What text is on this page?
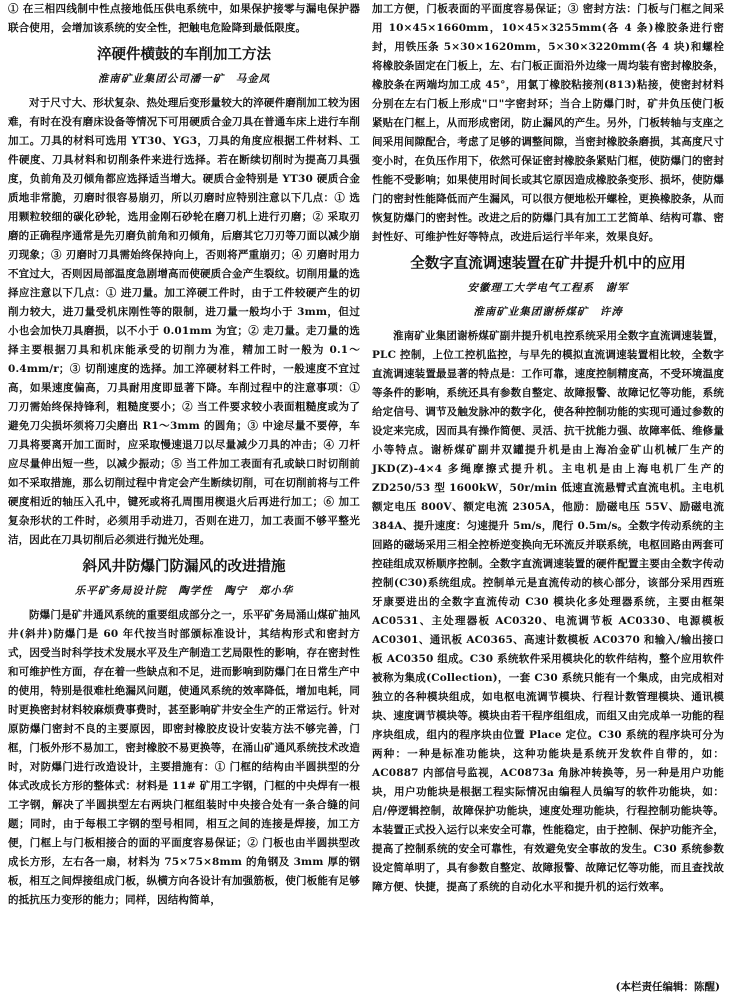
① 在三相四线制中性点接地低压供电系统中，如果保护接零与漏电保护器联合使用，会增加该系统的安全性，把触电危险降到最低限度。

淬硬件横鼓的车削加工方法
淮南矿业集团公司潘一矿　马金凤

对于尺寸大、形状复杂、热处理后变形量较大的淬硬件磨削加工较为困难，有时在没有磨床设备等情况下可用硬质合金刀具在普通车床上进行车削加工。刀具的材料可选用 YT30、YG3，刀具的角度应根据工件材料、工件硬度、刀具材料和切削条件来进行选择。若在断续切削时为提高刀具强度，负前角及刃倾角都应选择适当增大。硬质合金特别是 YT30 硬质合金质地非常脆，刃磨时很容易崩刃，所以刃磨时应特别注意以下几点：① 选用颗粒较细的碳化砂轮，选用金刚石砂轮在磨刀机上进行刃磨；② 采取刃磨的正确程序通常是先刃磨负前角和刃倾角，后磨其它刀刃等刀面以减少崩刃现象；③ 刃磨时刀具需始终保持向上，否则将严重崩刃；④ 刃磨时用力不宜过大，否则因局部温度急剧增高而使硬质合金产生裂纹。切削用量的选择应注意以下几点：① 进刀量。加工淬硬工件时，由于工件较硬产生的切削力较大，进刀量受机床刚性等的限制，进刀量一般均小于 3mm，但过小也会加快刀具磨损，以不小于 0.01mm 为宜；② 走刀量。走刀量的选择主要根据刀具和机床能承受的切削力为准，精加工时一般为 0.1～0.4mm/r；③ 切削速度的选择。加工淬硬材料工件时，一般速度不宜过高，如果速度偏高，刀具耐用度即显著下降。车削过程中的注意事项：① 刀刃需始终保持锋利，粗糙度要小；② 当工件要求较小表面粗糙度或为了避免刀尖损坏须将刀尖磨出 R1～3mm 的圆角；③ 中途尽量不要停，车刀具将要离开加工面时，应采取慢速退刀以尽量减少刀具的冲击；④ 刀杆应尽量伸出短一些，以减少振动；⑤ 当工件加工表面有孔或缺口时切削前如不采取措施，那么切削过程中肯定会产生断续切削，可在切削前将与工件硬度相近的轴压入孔中，键死或将孔周围用楔退火后再进行加工；⑥ 加工复杂形状的工件时，必须用手动进刀，否则在进刀，加工表面不够平整光洁，因此在刀具切削后必须进行抛光处理。

斜风井防爆门防漏风的改进措施
乐平矿务局设计院　陶学性　陶宁　郑小华

防爆门是矿井通风系统的重要组成部分之一，乐平矿务局涌山煤矿抽风井(斜井)防爆门是 60 年代按当时部颁标准设计，其结构形式和密封方式，因受当时科学技术发展水平及生产制造工艺局限性的影响，存在密封性和可维护性方面，存在着一些缺点和不足，进而影响到防爆门在日常生产中的使用，特别是很难杜绝漏风问题，使通风系统的效率降低，增加电耗，同时更换密封材料较麻烦费事费时，甚至影响矿井安全生产的正常运行。针对原防爆门密封不良的主要原因，即密封橡胶皮设计安装方法不够完善，门框，门板外形不易加工，密封橡胶不易更换等，在涌山矿通风系统技术改造时，对防爆门进行改造设计，主要措施有：① 门框的结构由半圆拱型的分体式改成长方形的整体式：材料是 11# 矿用工字钢，门框的中央焊有一根工字钢，解决了半圆拱型左右两块门框组装时中央接合处有一条合缝的问题；同时，由于每根工字钢的型号相同，相互之间的连接是焊接，加工方便，门框上与门板相接合的面的平面度容易保证；② 门板也由半圆拱型改成长方形，左右各一扇，材料为 75×75×8mm 的角钢及 3mm 厚的钢板，相互之间焊接组成门板，纵横方向各设计有加强筋板，使门板能有足够的抵抗压力变形的能力；同样，因结构简单，

加工方便，门板表面的平面度容易保证；③ 密封方法：门板与门框之间采用 10×45×1660mm，10×45×3255mm(各 4 条)橡胶条进行密封，用铁压条 5×30×1620mm，5×30×3220mm(各 4 块)和螺栓将橡胶条固定在门板上，左、右门板正面沿外边缘一周均装有密封橡胶条，橡胶条在两端均加工成 45°，用氯丁橡胶粘接剂(813)粘接，使密封材料分别在左右门板上形成"口"字密封环；当合上防爆门时，矿井负压使门板紧贴在门框上，从而形成密闭，防止漏风的产生。另外，门板转轴与支座之间采用间隙配合，考虑了足够的调整间隙，当密封橡胶条磨损，其高度尺寸变小时，在负压作用下，依然可保证密封橡胶条紧贴门框，使防爆门的密封性能不受影响；如果使用时间长或其它原因造成橡胶条变形、损坏，使防爆门的密封性能降低而产生漏风，可以很方便地松开螺栓，更换橡胶条，从而恢复防爆门的密封性。改进之后的防爆门具有加工工艺简单、结构可靠、密封性好、可维护性好等特点，改进后运行半年来，效果良好。

全数字直流调速装置在矿井提升机中的应用
安徽理工大学电气工程系　谢军
淮南矿业集团谢桥煤矿　许涛

淮南矿业集团谢桥煤矿副井提升机电控系统采用全数字直流调速装置，PLC 控制，上位工控机监控，与早先的模拟直流调速装置相比较，全数字直流调速装置最显著的特点是：工作可靠，速度控制精度高，不受环境温度等条件的影响，系统还具有参数自整定、故障报警、故障记忆等功能，系统给定信号、调节及触发脉冲的数字化，使各种控制功能的实现可通过参数的设定来完成，因而具有操作简便、灵活、抗干扰能力强、故障率低、维修量小等特点。谢桥煤矿副井双罐提升机是由上海冶金矿山机械厂生产的 JKD(Z)-4×4 多绳摩擦式提升机。主电机是由上海电机厂生产的 ZD250/53 型 1600kW，50r/min 低速直流悬臂式直流电机。主电机额定电压 800V、额定电流 2305A，他励：励磁电压 55V、励磁电流 384A、提升速度：匀速提升 5m/s，爬行 0.5m/s。全数字传动系统的主回路的磁场采用三相全控桥逆变换向无环流反并联系统，电枢回路由两套可控硅组成双桥顺序控制。全数字直流调速装置的硬件配置主要由全数字传动控制(C30)系统组成。控制单元是直流传动的核心部分，该部分采用西班牙康要进出的全数字直流传动 C30 模块化多处理器系统，主要由框架 AC0531、主处理器板 AC0320、电流调节板 AC0330、电源模板 AC0301、通讯板 AC0365、高速计数模板 AC0370 和输入/输出接口板 AC0350 组成。C30 系统软件采用模块化的软件结构，整个应用软件被称为集成(Collection)，一套 C30 系统只能有一个集成，由完成相对独立的各种模块组成，如电枢电流调节模块、行程计数管理模块、通讯模块、速度调节模块等。模块由若干程序组组成，而组又由完成单一功能的程序块组成，组内的程序块由位置 Place 定位。C30 系统的程序块可分为两种：一种是标准功能块，这种功能块是系统开发软件自带的，如：AC0887 内部信号监视，AC0873a 角脉冲转换等，另一种是用户功能块，用户功能块是根据工程实际情况由编程人员编写的软件功能块，如：启/停逻辑控制，故障保护功能块，速度处理功能块，行程控制功能块等。本装置正式投入运行以来安全可靠，性能稳定，由于控制、保护功能齐全，提高了控制系统的安全可靠性，有效避免安全事故的发生。C30 系统参数设定简单明了，具有参数自整定、故障报警、故障记忆等功能，而且查找故障方便、快捷，提高了系统的自动化水平和提升机的运行效率。

(本栏责任编辑：陈醒)
